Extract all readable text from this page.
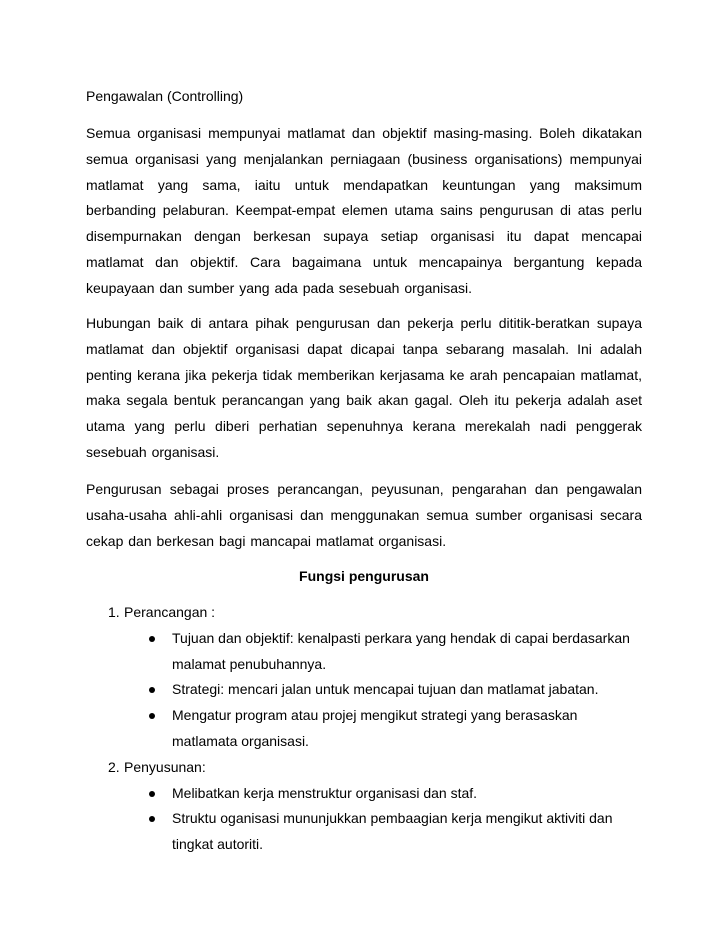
Pengawalan (Controlling)
Semua organisasi mempunyai matlamat dan objektif masing-masing. Boleh dikatakan semua organisasi yang menjalankan perniagaan (business organisations) mempunyai matlamat yang sama, iaitu untuk mendapatkan keuntungan yang maksimum berbanding pelaburan. Keempat-empat elemen utama sains pengurusan di atas perlu disempurnakan dengan berkesan supaya setiap organisasi itu dapat mencapai matlamat dan objektif. Cara bagaimana untuk mencapainya bergantung kepada keupayaan dan sumber yang ada pada sesebuah organisasi.
Hubungan baik di antara pihak pengurusan dan pekerja perlu dititik-beratkan supaya matlamat dan objektif organisasi dapat dicapai tanpa sebarang masalah. Ini adalah penting kerana jika pekerja tidak memberikan kerjasama ke arah pencapaian matlamat, maka segala bentuk perancangan yang baik akan gagal. Oleh itu pekerja adalah aset utama yang perlu diberi perhatian sepenuhnya kerana merekalah nadi penggerak sesebuah organisasi.
Pengurusan sebagai proses perancangan, peyusunan, pengarahan dan pengawalan usaha-usaha ahli-ahli organisasi dan menggunakan semua sumber organisasi secara cekap dan berkesan bagi mancapai matlamat organisasi.
Fungsi pengurusan
1. Perancangan :
Tujuan dan objektif: kenalpasti perkara yang hendak di capai berdasarkan malamat penubuhannya.
Strategi: mencari jalan untuk mencapai tujuan dan matlamat jabatan.
Mengatur program atau projej mengikut strategi yang berasaskan matlamata organisasi.
2. Penyusunan:
Melibatkan kerja menstruktur organisasi dan staf.
Struktu oganisasi mununjukkan pembaagian kerja mengikut aktiviti dan tingkat autoriti.
